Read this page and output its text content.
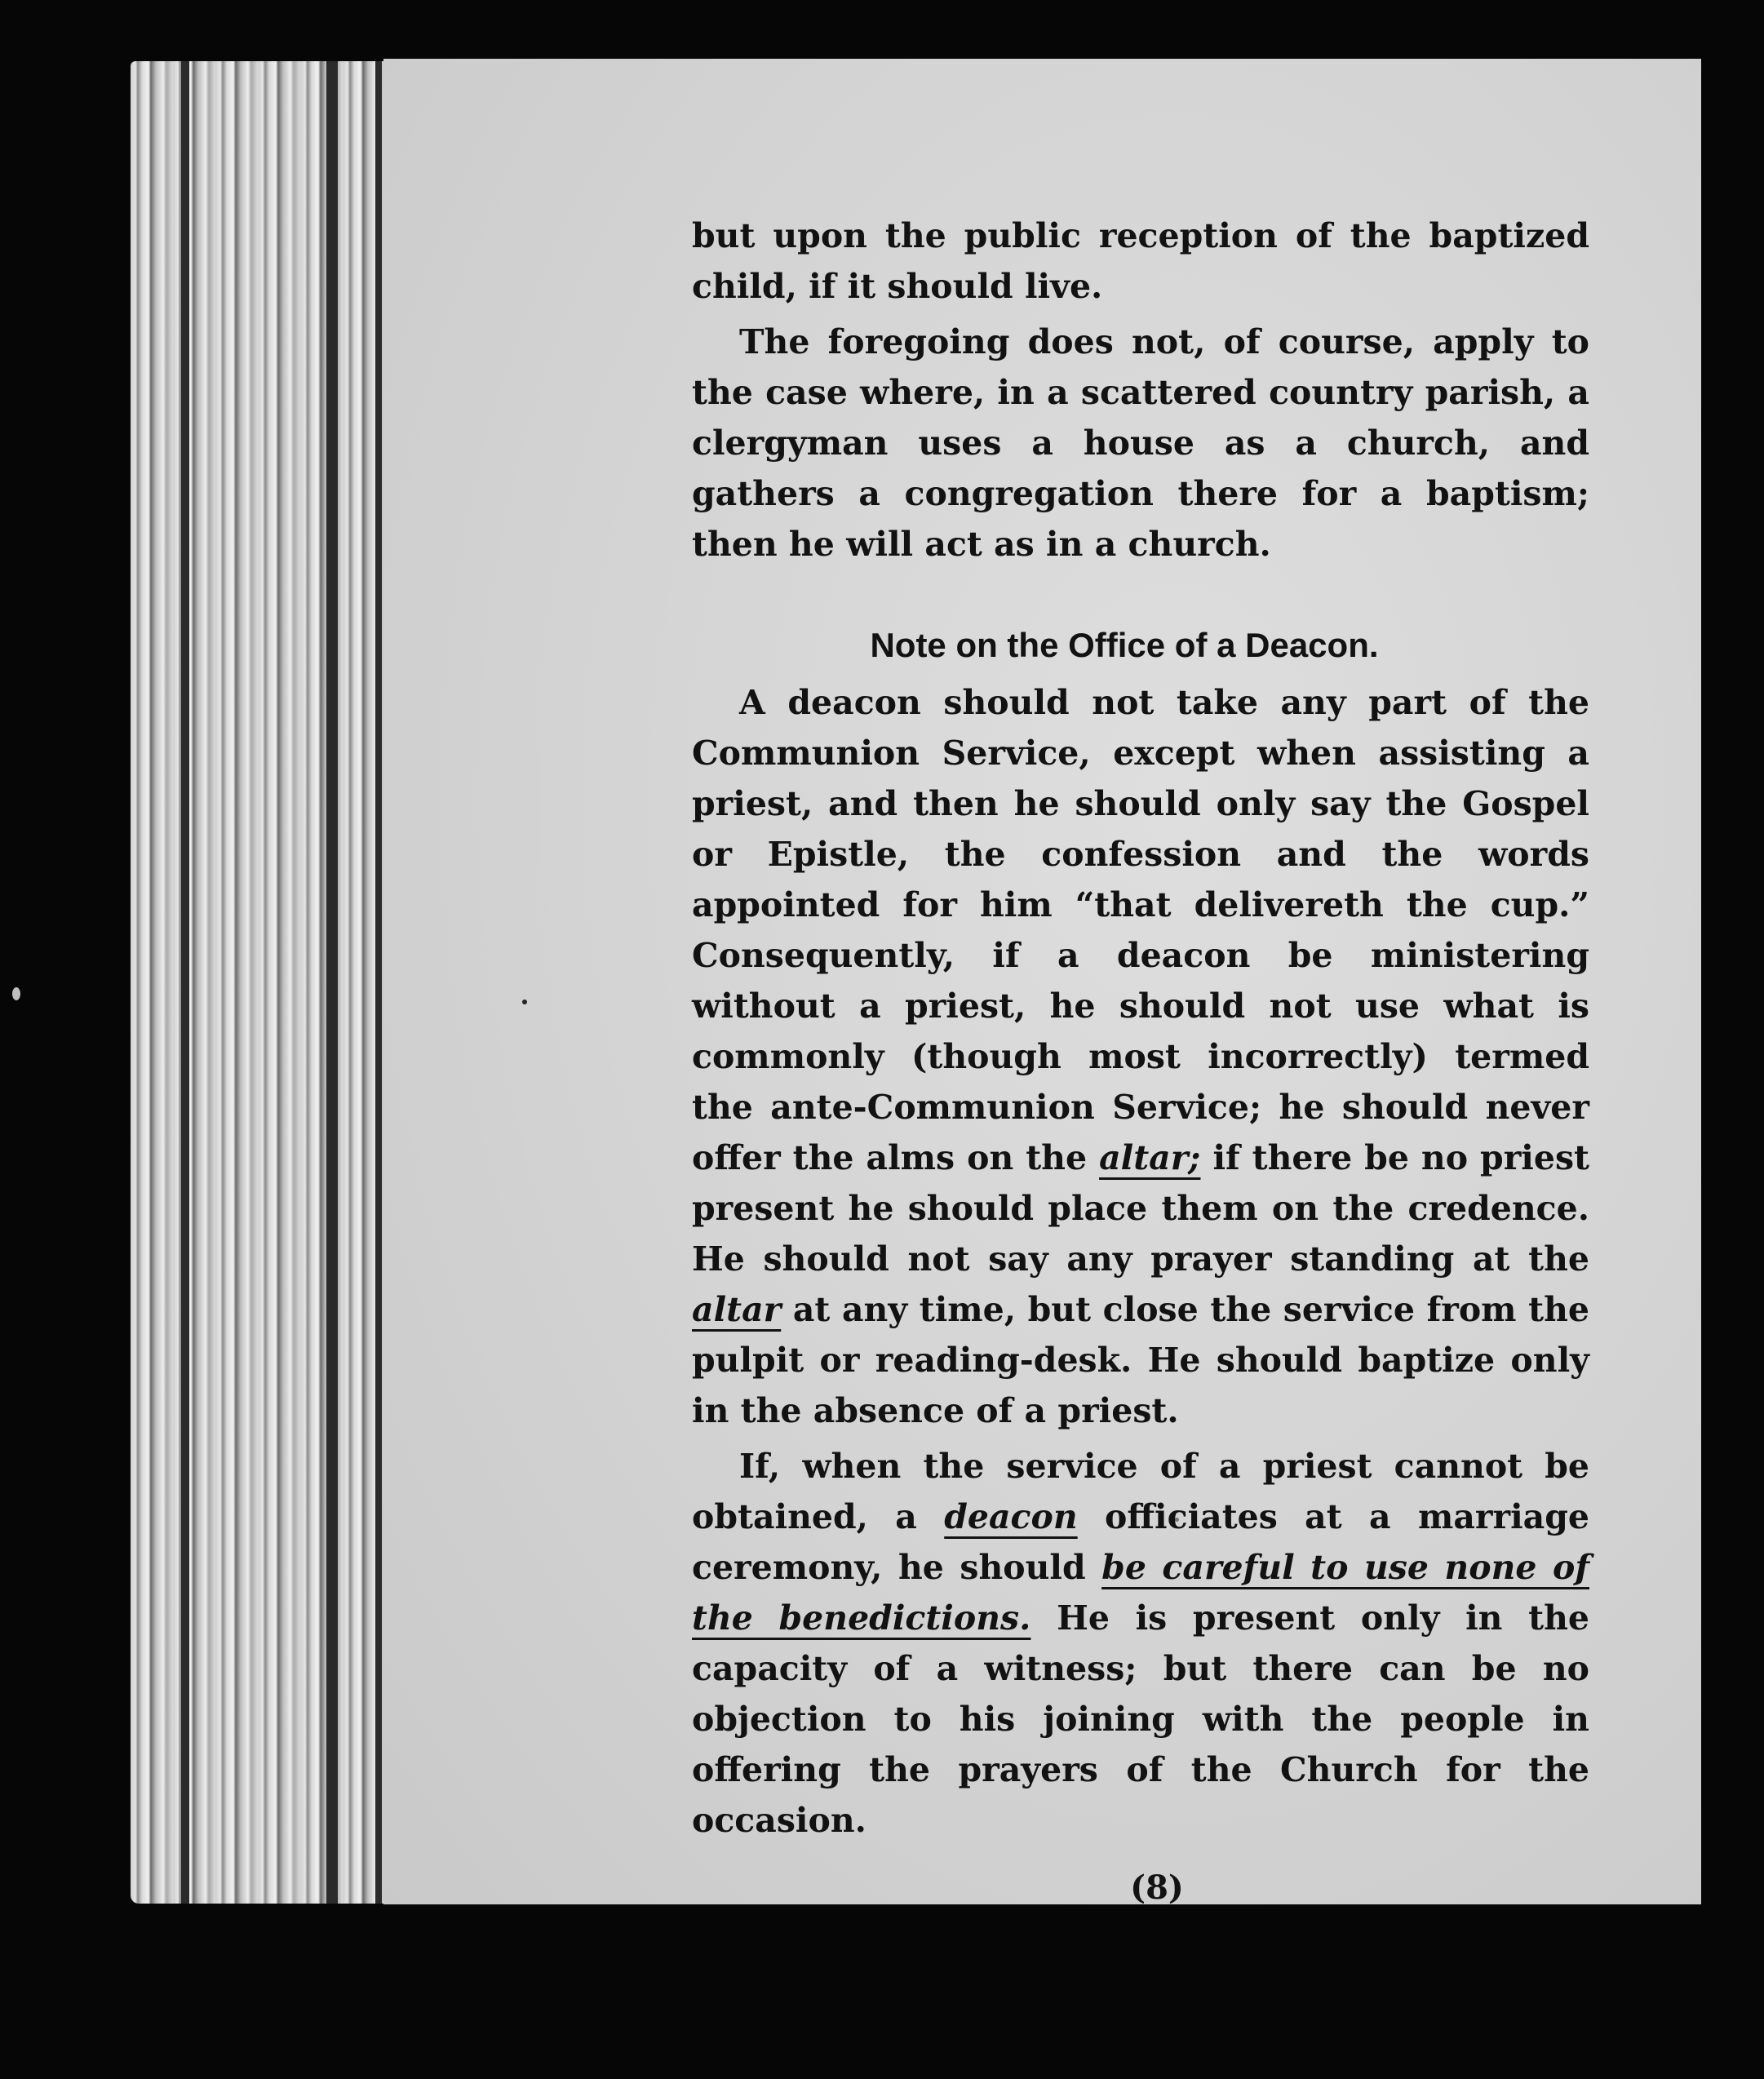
but upon the public reception of the baptized child, if it should live.

The foregoing does not, of course, apply to the case where, in a scattered country parish, a clergyman uses a house as a church, and gathers a congregation there for a baptism; then he will act as in a church.

Note on the Office of a Deacon.

A deacon should not take any part of the Communion Service, except when assisting a priest, and then he should only say the Gospel or Epistle, the confession and the words appointed for him “that delivereth the cup.” Consequently, if a deacon be ministering without a priest, he should not use what is commonly (though most incorrectly) termed the ante-Communion Service; he should never offer the alms on the altar; if there be no priest present he should place them on the credence. He should not say any prayer standing at the altar at any time, but close the service from the pulpit or reading-desk. He should baptize only in the absence of a priest.

If, when the service of a priest cannot be obtained, a deacon officiates at a marriage ceremony, he should be careful to use none of the benedictions. He is present only in the capacity of a witness; but there can be no objection to his joining with the people in offering the prayers of the Church for the occasion.

(8)
